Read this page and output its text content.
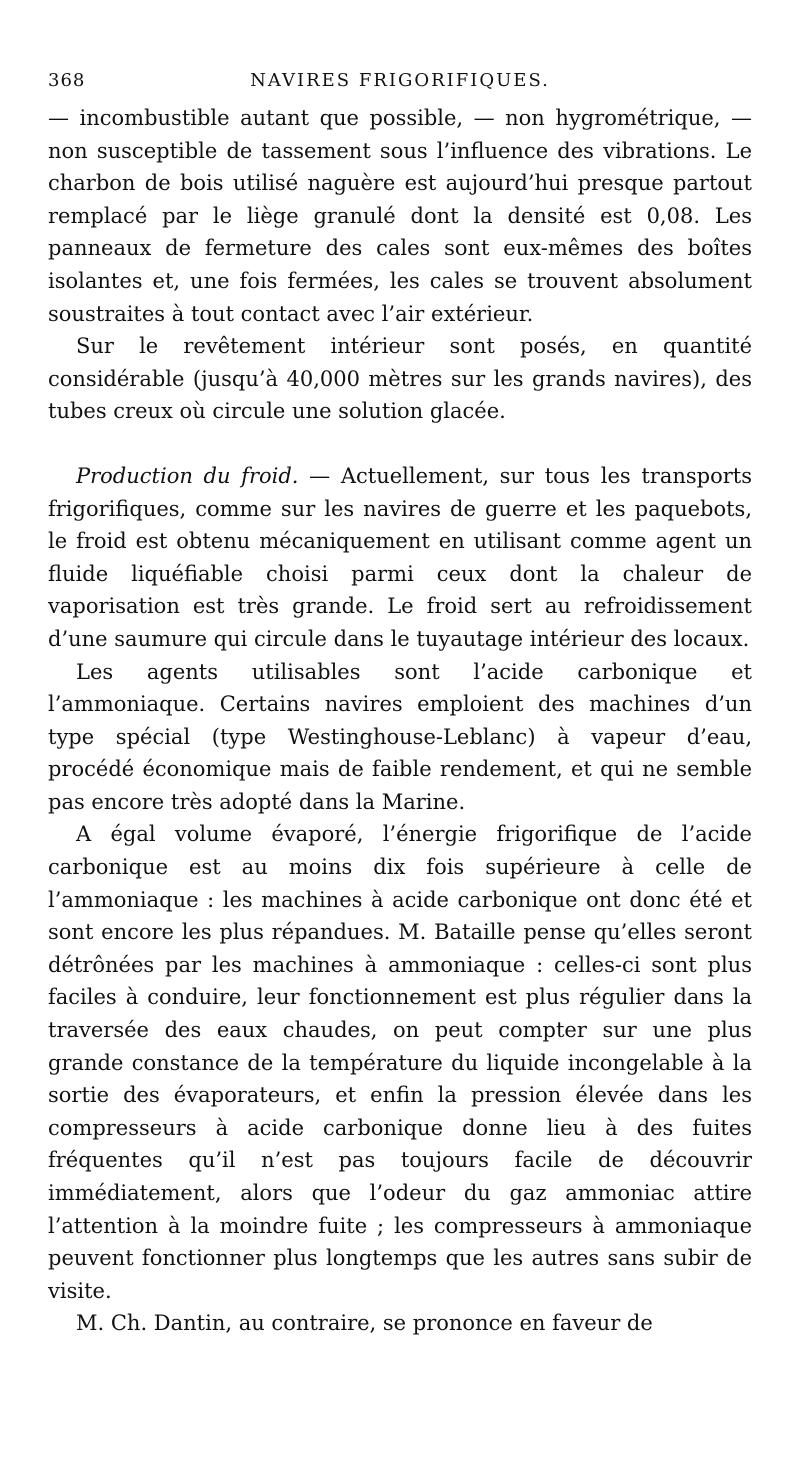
368	NAVIRES FRIGORIFIQUES.

— incombustible autant que possible, — non hygrométrique, — non susceptible de tassement sous l’influence des vibrations. Le charbon de bois utilisé naguère est aujourd’hui presque partout remplacé par le liège granulé dont la densité est 0,08. Les panneaux de fermeture des cales sont eux-mêmes des boîtes isolantes et, une fois fermées, les cales se trouvent absolument soustraites à tout contact avec l’air extérieur.

Sur le revêtement intérieur sont posés, en quantité considérable (jusqu’à 40,000 mètres sur les grands navires), des tubes creux où circule une solution glacée.

Production du froid. — Actuellement, sur tous les transports frigorifiques, comme sur les navires de guerre et les paquebots, le froid est obtenu mécaniquement en utilisant comme agent un fluide liquéfiable choisi parmi ceux dont la chaleur de vaporisation est très grande. Le froid sert au refroidissement d’une saumure qui circule dans le tuyautage intérieur des locaux.

Les agents utilisables sont l’acide carbonique et l’ammoniaque. Certains navires emploient des machines d’un type spécial (type Westinghouse-Leblanc) à vapeur d’eau, procédé économique mais de faible rendement, et qui ne semble pas encore très adopté dans la Marine.

A égal volume évaporé, l’énergie frigorifique de l’acide carbonique est au moins dix fois supérieure à celle de l’ammoniaque : les machines à acide carbonique ont donc été et sont encore les plus répandues. M. Bataille pense qu’elles seront détrônées par les machines à ammoniaque : celles-ci sont plus faciles à conduire, leur fonctionnement est plus régulier dans la traversée des eaux chaudes, on peut compter sur une plus grande constance de la température du liquide incongelable à la sortie des évaporateurs, et enfin la pression élevée dans les compresseurs à acide carbonique donne lieu à des fuites fréquentes qu’il n’est pas toujours facile de découvrir immédiatement, alors que l’odeur du gaz ammoniac attire l’attention à la moindre fuite ; les compresseurs à ammoniaque peuvent fonctionner plus longtemps que les autres sans subir de visite.

M. Ch. Dantin, au contraire, se prononce en faveur de
